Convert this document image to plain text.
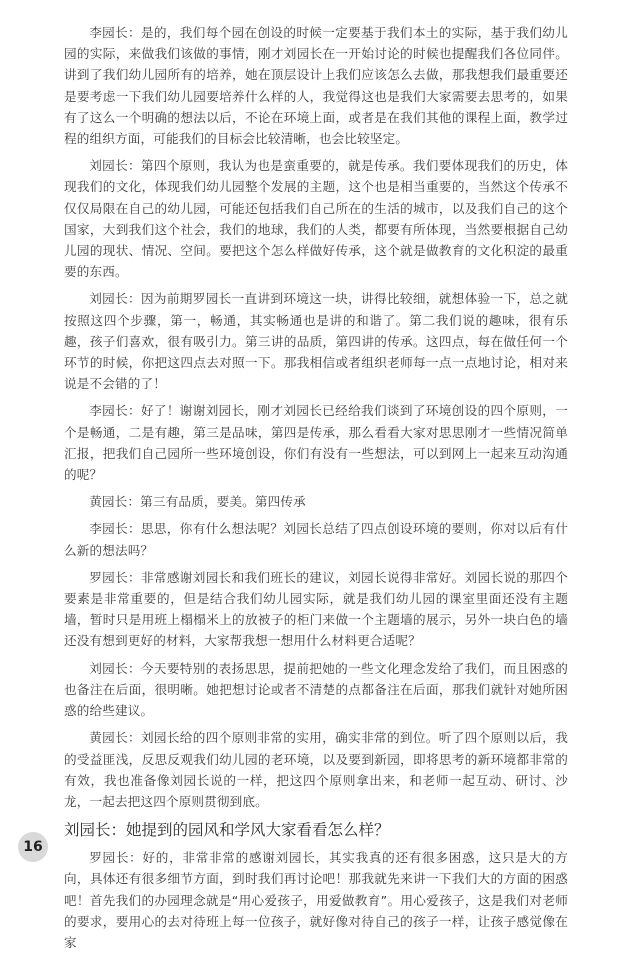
李园长：是的，我们每个园在创设的时候一定要基于我们本土的实际，基于我们幼儿园的实际，来做我们该做的事情，刚才刘园长在一开始讨论的时候也提醒我们各位同伴。讲到了我们幼儿园所有的培养，她在顶层设计上我们应该怎么去做，那我想我们最重要还是要考虑一下我们幼儿园要培养什么样的人，我觉得这也是我们大家需要去思考的，如果有了这么一个明确的想法以后，不论在环境上面，或者是在我们其他的课程上面，教学过程的组织方面，可能我们的目标会比较清晰，也会比较坚定。

刘园长：第四个原则，我认为也是蛮重要的，就是传承。我们要体现我们的历史，体现我们的文化，体现我们幼儿园整个发展的主题，这个也是相当重要的，当然这个传承不仅仅局限在自己的幼儿园，可能还包括我们自己所在的生活的城市，以及我们自己的这个国家，大到我们这个社会，我们的地球，我们的人类，都要有所体现，当然要根据自己幼儿园的现状、情况、空间。要把这个怎么样做好传承，这个就是做教育的文化积淀的最重要的东西。

刘园长：因为前期罗园长一直讲到环境这一块，讲得比较细，就想体验一下，总之就按照这四个步骤，第一，畅通，其实畅通也是讲的和谐了。第二我们说的趣味，很有乐趣，孩子们喜欢，很有吸引力。第三讲的品质，第四讲的传承。这四点，每在做任何一个环节的时候，你把这四点去对照一下。那我相信或者组织老师每一点一点地讨论，相对来说是不会错的了！

李园长：好了！谢谢刘园长，刚才刘园长已经给我们谈到了环境创设的四个原则，一个是畅通，二是有趣，第三是品味，第四是传承，那么看看大家对思思刚才一些情况简单汇报，把我们自己园所一些环境创设，你们有没有一些想法，可以到网上一起来互动沟通的呢？

黄园长：第三有品质，要美。第四传承

李园长：思思，你有什么想法呢？刘园长总结了四点创设环境的要则，你对以后有什么新的想法吗？

罗园长：非常感谢刘园长和我们班长的建议，刘园长说得非常好。刘园长说的那四个要素是非常重要的，但是结合我们幼儿园实际，就是我们幼儿园的课室里面还没有主题墙，暂时只是用班上榻榻米上的放被子的柜门来做一个主题墙的展示，另外一块白色的墙还没有想到更好的材料，大家帮我想一想用什么材料更合适呢？

刘园长：今天要特别的表扬思思，提前把她的一些文化理念发给了我们，而且困惑的也备注在后面，很明晰。她把想讨论或者不清楚的点都备注在后面，那我们就针对她所困惑的给些建议。

黄园长：刘园长给的四个原则非常的实用，确实非常的到位。听了四个原则以后，我的受益匪浅，反思反观我们幼儿园的老环境，以及要到新园，即将思考的新环境都非常的有效，我也准备像刘园长说的一样，把这四个原则拿出来，和老师一起互动、研讨、沙龙，一起去把这四个原则贯彻到底。

刘园长：她提到的园风和学风大家看看怎么样？

罗园长：好的，非常非常的感谢刘园长，其实我真的还有很多困惑，这只是大的方向，具体还有很多细节方面，到时我们再讨论吧！那我就先来讲一下我们大的方面的困惑吧！首先我们的办园理念就是“用心爱孩子，用爱做教育”。用心爱孩子，这是我们对老师的要求，要用心的去对待班上每一位孩子，就好像对待自己的孩子一样，让孩子感觉像在家

16
